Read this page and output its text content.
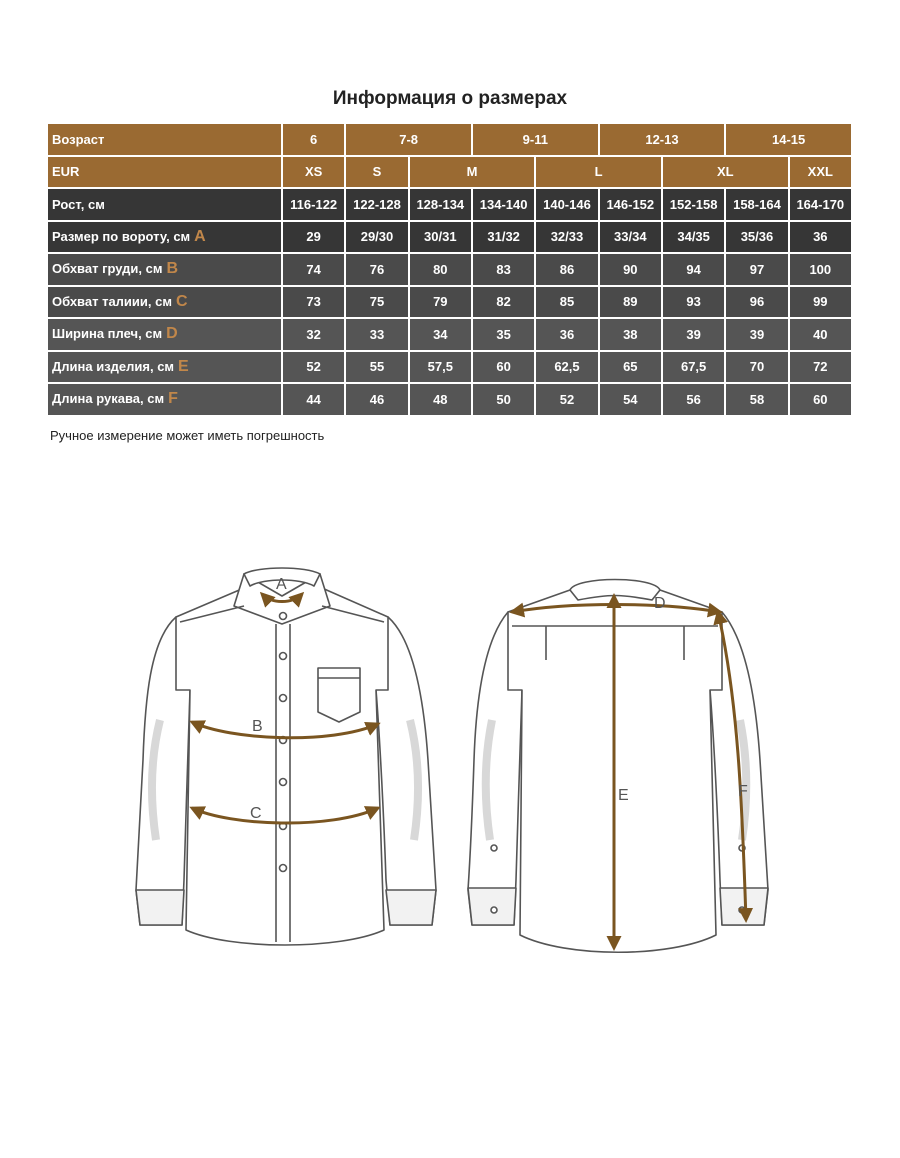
Информация о размерах
Возраст	6	7-8		9-11		12-13		14-15	
EUR	XS	S	M		L		XL		XXL
Рост, см	116-122	122-128	128-134	134-140	140-146	146-152	152-158	158-164	164-170
Размер по вороту, см A	29	29/30	30/31	31/32	32/33	33/34	34/35	35/36	36
Обхват груди, см B	74	76	80	83	86	90	94	97	100
Обхват талиии, см C	73	75	79	82	85	89	93	96	99
Ширина плеч, см D	32	33	34	35	36	38	39	39	40
Длина изделия, см E	52	55	57,5	60	62,5	65	67,5	70	72
Длина рукава, см F	44	46	48	50	52	54	56	58	60
Ручное измерение может иметь погрешность
A
B
C
D
E	F
